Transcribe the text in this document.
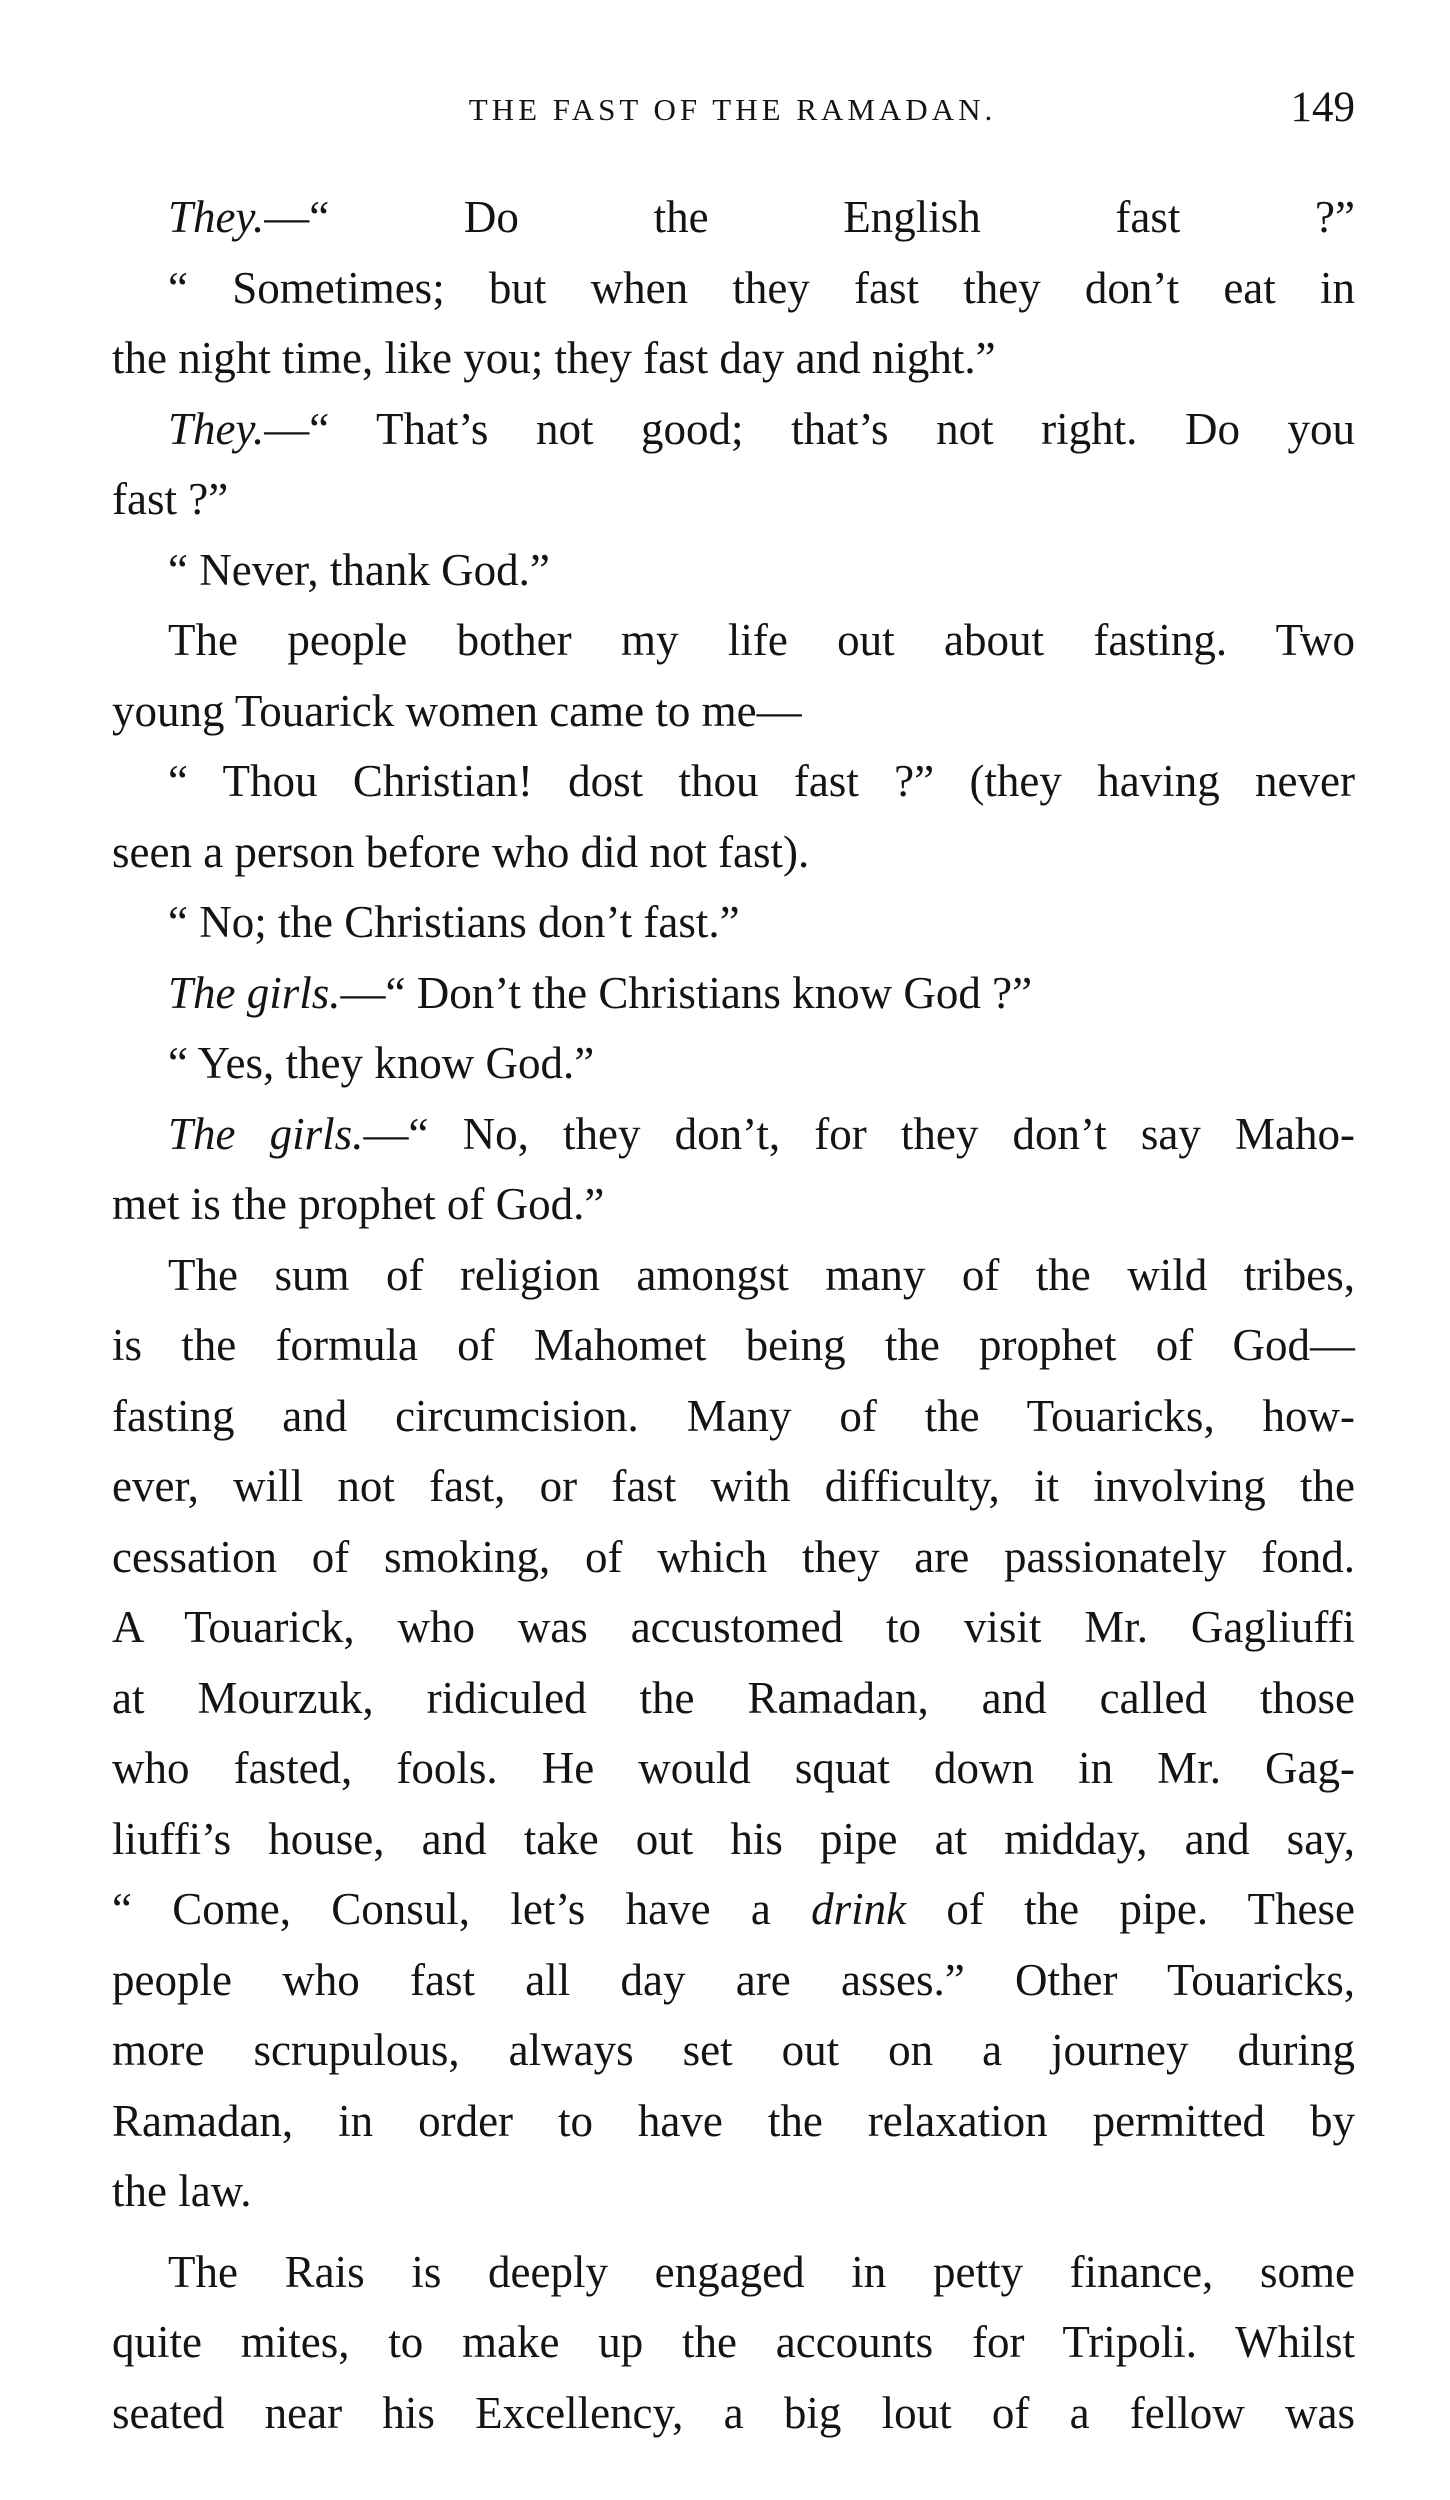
THE FAST OF THE RAMADAN.	149
They.—“ Do the English fast ?”
“ Sometimes; but when they fast they don’t eat in
the night time, like you; they fast day and night.”
They.—“ That’s not good; that’s not right. Do you
fast ?”
“ Never, thank God.”
The people bother my life out about fasting. Two
young Touarick women came to me—
“ Thou Christian! dost thou fast ?” (they having never
seen a person before who did not fast).
“ No; the Christians don’t fast.”
The girls.—“ Don’t the Christians know God ?”
“ Yes, they know God.”
The girls.—“ No, they don’t, for they don’t say Maho-
met is the prophet of God.”
The sum of religion amongst many of the wild tribes,
is the formula of Mahomet being the prophet of God—
fasting and circumcision. Many of the Touaricks, how-
ever, will not fast, or fast with difficulty, it involving the
cessation of smoking, of which they are passionately fond.
A Touarick, who was accustomed to visit Mr. Gagliuffi
at Mourzuk, ridiculed the Ramadan, and called those
who fasted, fools. He would squat down in Mr. Gag-
liuffi’s house, and take out his pipe at midday, and say,
“ Come, Consul, let’s have a drink of the pipe. These
people who fast all day are asses.” Other Touaricks,
more scrupulous, always set out on a journey during
Ramadan, in order to have the relaxation permitted by
the law.
The Rais is deeply engaged in petty finance, some
quite mites, to make up the accounts for Tripoli. Whilst
seated near his Excellency, a big lout of a fellow was
